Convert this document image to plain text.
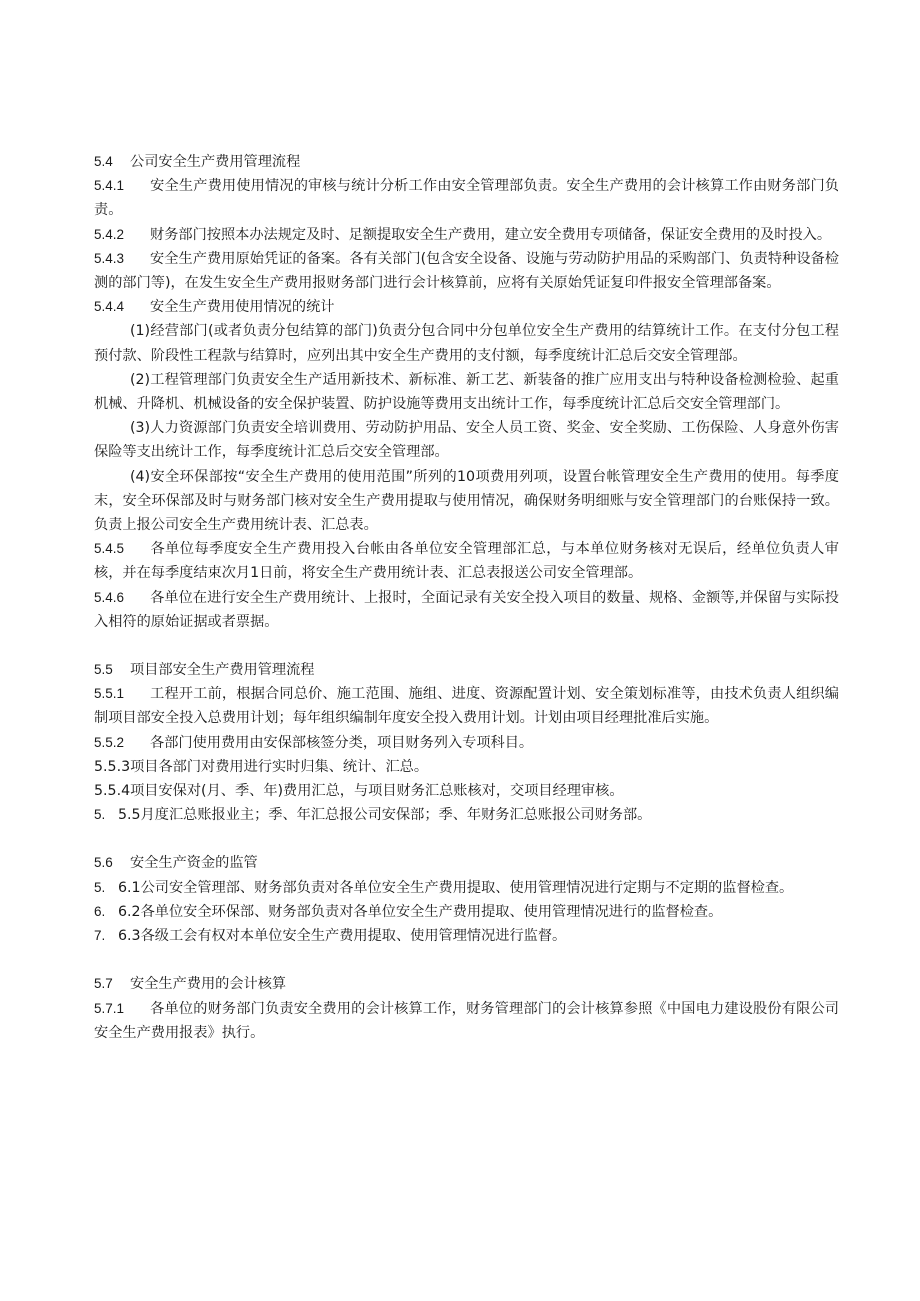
5.4 公司安全生产费用管理流程

5.4.1 安全生产费用使用情况的审核与统计分析工作由安全管理部负责。安全生产费用的会计核算工作由财务部门负责。

5.4.2 财务部门按照本办法规定及时、足额提取安全生产费用，建立安全费用专项储备，保证安全费用的及时投入。

5.4.3 安全生产费用原始凭证的备案。各有关部门(包含安全设备、设施与劳动防护用品的采购部门、负责特种设备检测的部门等)，在发生安全生产费用报财务部门进行会计核算前，应将有关原始凭证复印件报安全管理部备案。

5.4.4 安全生产费用使用情况的统计

(1)经营部门(或者负责分包结算的部门)负责分包合同中分包单位安全生产费用的结算统计工作。在支付分包工程预付款、阶段性工程款与结算时，应列出其中安全生产费用的支付额，每季度统计汇总后交安全管理部。

(2)工程管理部门负责安全生产适用新技术、新标准、新工艺、新装备的推广应用支出与特种设备检测检验、起重机械、升降机、机械设备的安全保护装置、防护设施等费用支出统计工作，每季度统计汇总后交安全管理部门。

(3)人力资源部门负责安全培训费用、劳动防护用品、安全人员工资、奖金、安全奖励、工伤保险、人身意外伤害保险等支出统计工作，每季度统计汇总后交安全管理部。

(4)安全环保部按“安全生产费用的使用范围”所列的10项费用列项，设置台帐管理安全生产费用的使用。每季度末，安全环保部及时与财务部门核对安全生产费用提取与使用情况，确保财务明细账与安全管理部门的台账保持一致。负责上报公司安全生产费用统计表、汇总表。

5.4.5 各单位每季度安全生产费用投入台帐由各单位安全管理部汇总，与本单位财务核对无误后，经单位负责人审核，并在每季度结束次月1日前，将安全生产费用统计表、汇总表报送公司安全管理部。

5.4.6 各单位在进行安全生产费用统计、上报时，全面记录有关安全投入项目的数量、规格、金额等,并保留与实际投入相符的原始证据或者票据。

5.5 项目部安全生产费用管理流程

5.5.1 工程开工前，根据合同总价、施工范围、施组、进度、资源配置计划、安全策划标准等，由技术负责人组织编制项目部安全投入总费用计划；每年组织编制年度安全投入费用计划。计划由项目经理批准后实施。

5.5.2 各部门使用费用由安保部核签分类，项目财务列入专项科目。

5.5.3项目各部门对费用进行实时归集、统计、汇总。

5.5.4项目安保对(月、季、年)费用汇总，与项目财务汇总账核对，交项目经理审核。

5. 5.5月度汇总账报业主；季、年汇总报公司安保部；季、年财务汇总账报公司财务部。

5.6 安全生产资金的监管

5. 6.1公司安全管理部、财务部负责对各单位安全生产费用提取、使用管理情况进行定期与不定期的监督检查。

6. 6.2各单位安全环保部、财务部负责对各单位安全生产费用提取、使用管理情况进行的监督检查。

7. 6.3各级工会有权对本单位安全生产费用提取、使用管理情况进行监督。

5.7 安全生产费用的会计核算

5.7.1 各单位的财务部门负责安全费用的会计核算工作，财务管理部门的会计核算参照《中国电力建设股份有限公司安全生产费用报表》执行。
